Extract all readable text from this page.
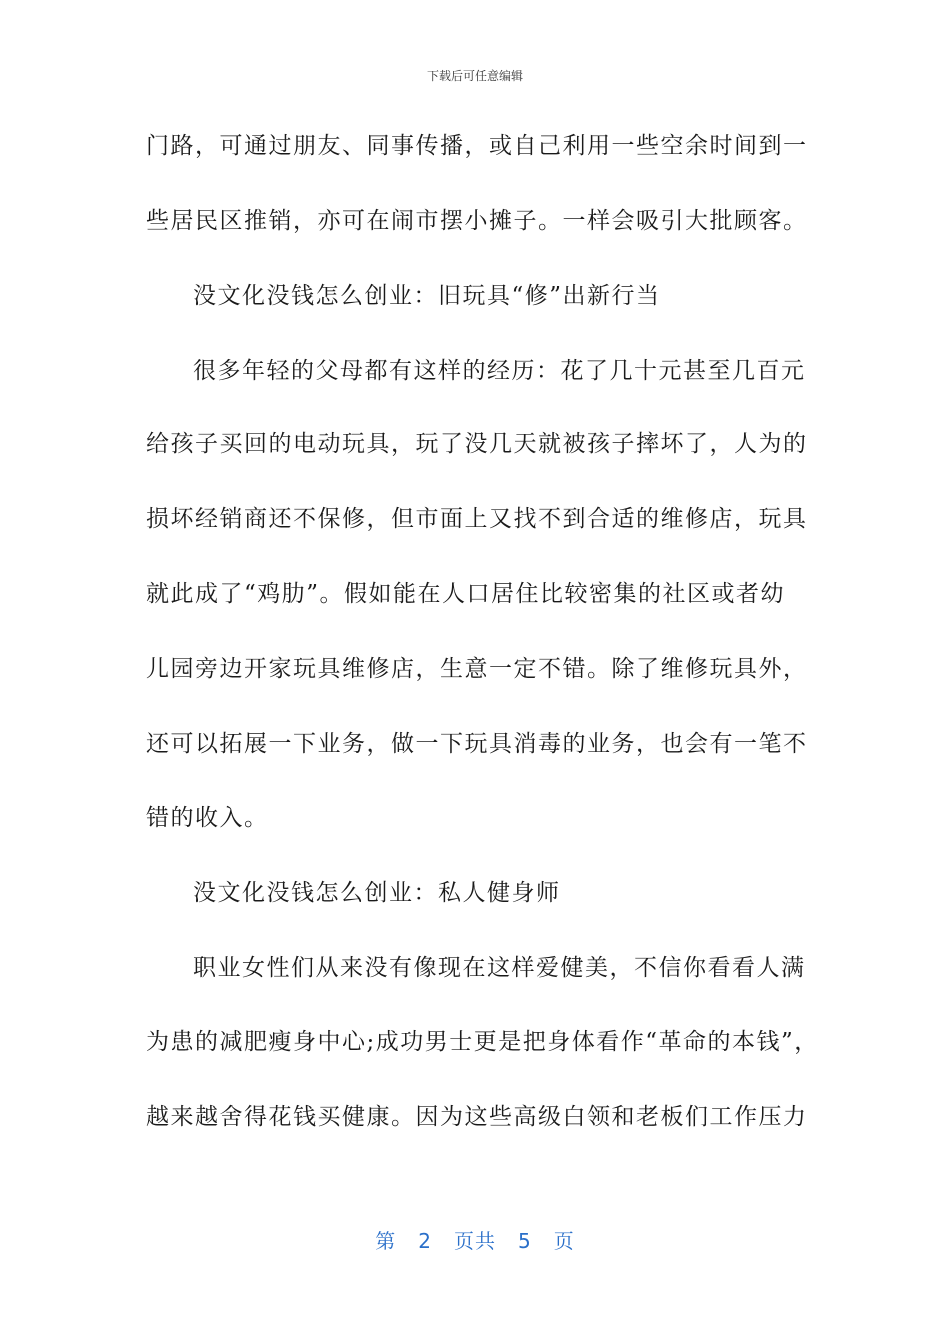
下载后可任意编辑
门路，可通过朋友、同事传播，或自己利用一些空余时间到一
些居民区推销，亦可在闹市摆小摊子。一样会吸引大批顾客。
没文化没钱怎么创业：旧玩具“修”出新行当
很多年轻的父母都有这样的经历：花了几十元甚至几百元
给孩子买回的电动玩具，玩了没几天就被孩子摔坏了，人为的
损坏经销商还不保修，但市面上又找不到合适的维修店，玩具
就此成了“鸡肋”。假如能在人口居住比较密集的社区或者幼
儿园旁边开家玩具维修店，生意一定不错。除了维修玩具外，
还可以拓展一下业务，做一下玩具消毒的业务，也会有一笔不
错的收入。
没文化没钱怎么创业：私人健身师
职业女性们从来没有像现在这样爱健美，不信你看看人满
为患的减肥瘦身中心;成功男士更是把身体看作“革命的本钱”，
越来越舍得花钱买健康。因为这些高级白领和老板们工作压力
第 2 页共 5 页
